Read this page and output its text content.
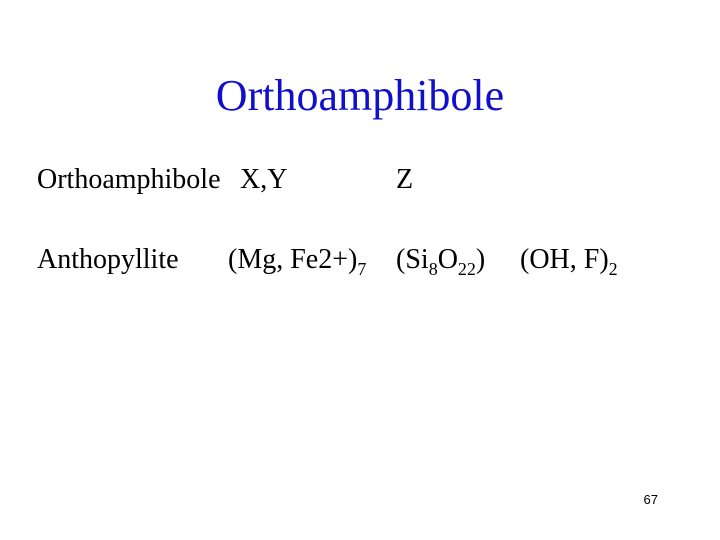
Orthoamphibole
Orthoamphibole X,Y	Z
Anthopyllite (Mg, $Fe2+)_7$ $(Si_8O_{22})$ (OH, $F)_2$
67
